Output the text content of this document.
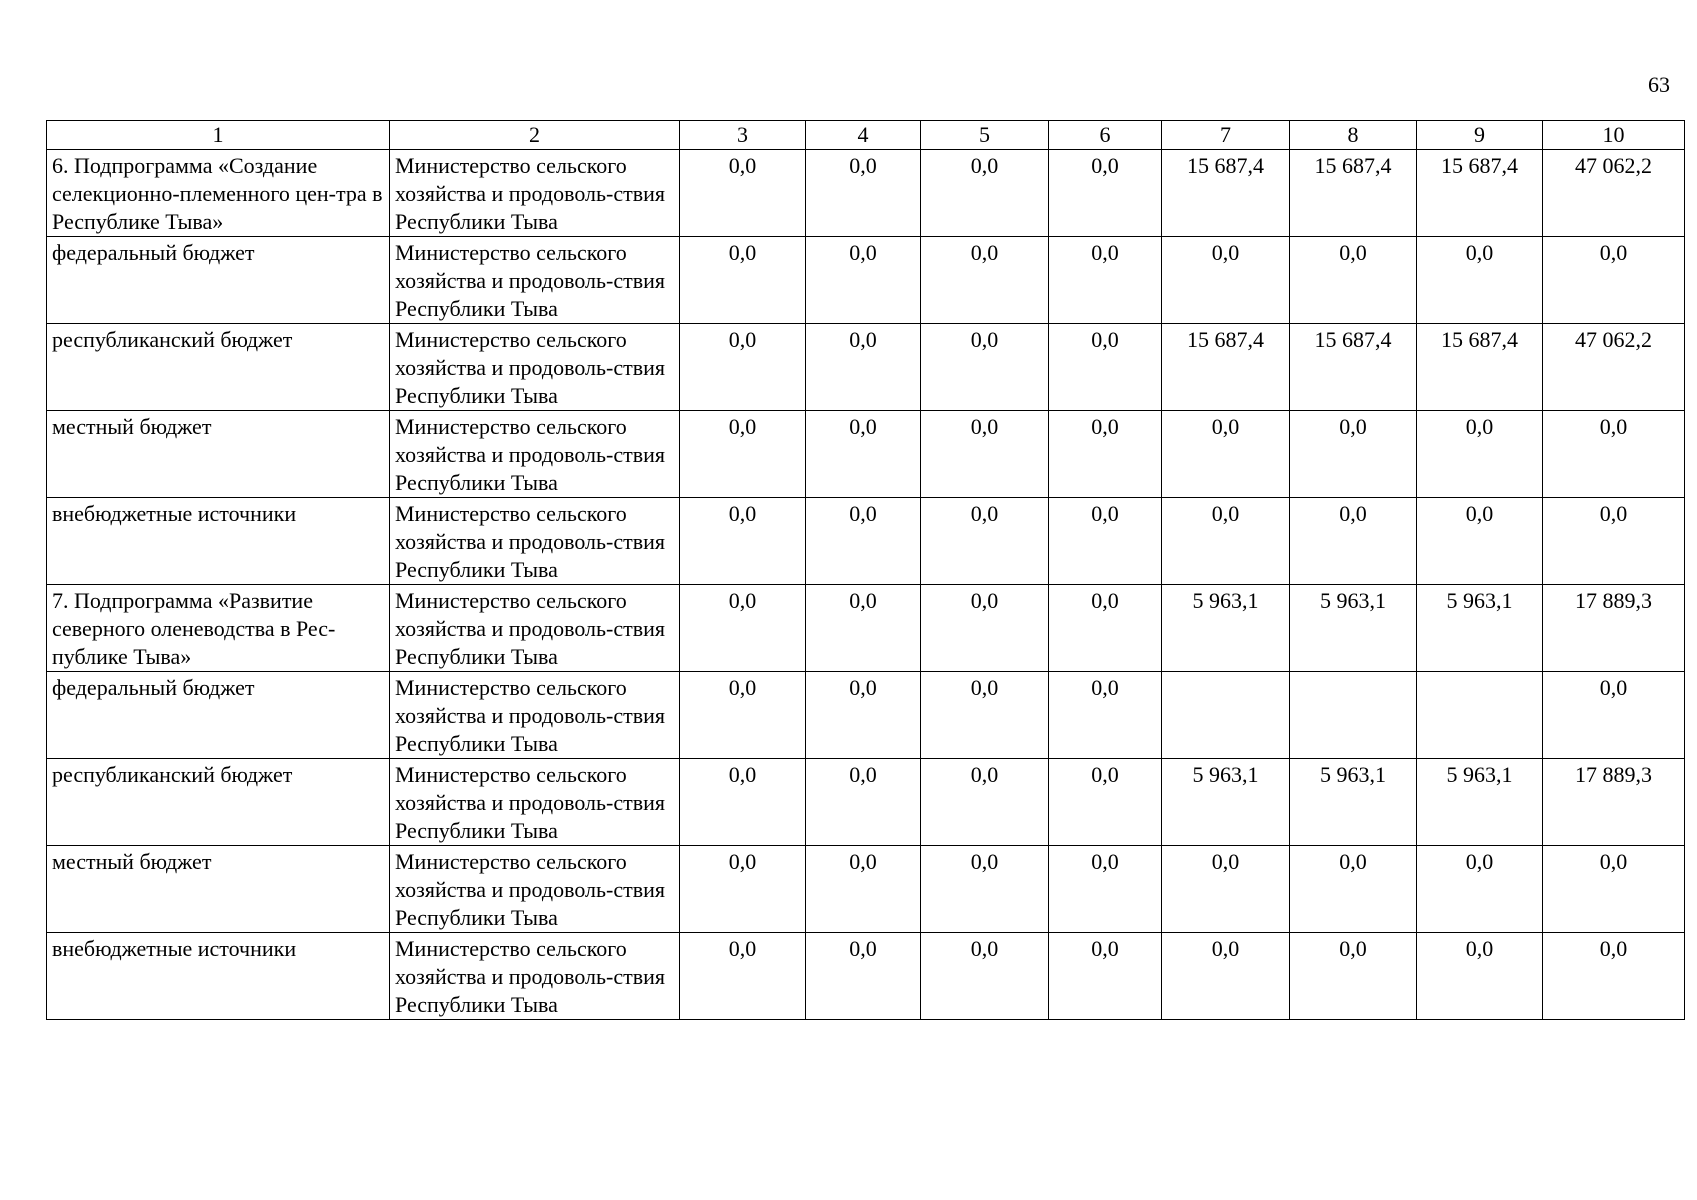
63
1	2	3	4	5	6	7	8	9	10
6. Подпрограмма «Создание селекционно-племенного цен-тра в Республике Тыва»	Министерство сельского хозяйства и продоволь-ствия Республики Тыва	0,0	0,0	0,0	0,0	15 687,4	15 687,4	15 687,4	47 062,2
федеральный бюджет	Министерство сельского хозяйства и продоволь-ствия Республики Тыва	0,0	0,0	0,0	0,0	0,0	0,0	0,0	0,0
республиканский бюджет	Министерство сельского хозяйства и продоволь-ствия Республики Тыва	0,0	0,0	0,0	0,0	15 687,4	15 687,4	15 687,4	47 062,2
местный бюджет	Министерство сельского хозяйства и продоволь-ствия Республики Тыва	0,0	0,0	0,0	0,0	0,0	0,0	0,0	0,0
внебюджетные источники	Министерство сельского хозяйства и продоволь-ствия Республики Тыва	0,0	0,0	0,0	0,0	0,0	0,0	0,0	0,0
7. Подпрограмма «Развитие северного оленеводства в Рес-публике Тыва»	Министерство сельского хозяйства и продоволь-ствия Республики Тыва	0,0	0,0	0,0	0,0	5 963,1	5 963,1	5 963,1	17 889,3
федеральный бюджет	Министерство сельского хозяйства и продоволь-ствия Республики Тыва	0,0	0,0	0,0	0,0				0,0
республиканский бюджет	Министерство сельского хозяйства и продоволь-ствия Республики Тыва	0,0	0,0	0,0	0,0	5 963,1	5 963,1	5 963,1	17 889,3
местный бюджет	Министерство сельского хозяйства и продоволь-ствия Республики Тыва	0,0	0,0	0,0	0,0	0,0	0,0	0,0	0,0
внебюджетные источники	Министерство сельского хозяйства и продоволь-ствия Республики Тыва	0,0	0,0	0,0	0,0	0,0	0,0	0,0	0,0
